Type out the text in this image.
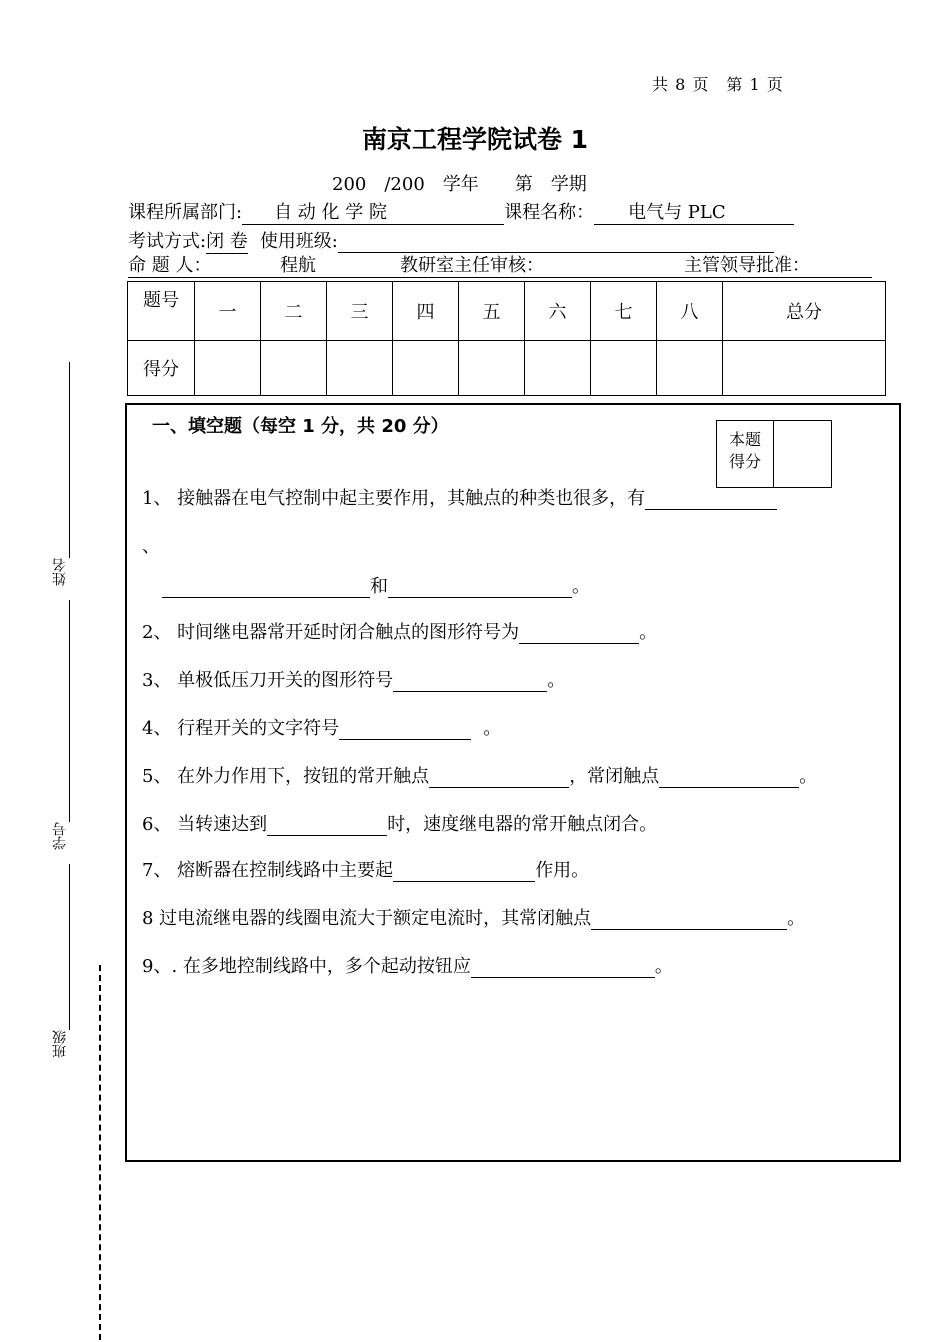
共 8 页　第 1 页
南京工程学院试卷 1
200　/200　学年　　第　学期
课程所属部门: 自 动 化 学 院	课程名称： 电气与 PLC
考试方式:闭 卷 使用班级:
命 题 人：	程航	教研室主任审核：	主管领导批准：
题号	一	二	三	四	五	六	七	八	总分
得分									
一、填空题（每空 1 分，共 20 分）
本题
得分
1、 接触器在电气控制中起主要作用，其触点的种类也很多，有
、
和	。
2、 时间继电器常开延时闭合触点的图形符号为	。
3、 单极低压刀开关的图形符号	。
4、 行程开关的文字符号	。
5、 在外力作用下，按钮的常开触点	，常闭触点	。
6、 当转速达到	时，速度继电器的常开触点闭合。
7、 熔断器在控制线路中主要起	作用。
8 过电流继电器的线圈电流大于额定电流时，其常闭触点	。
9、. 在多地控制线路中，多个起动按钮应	。
姓名
学号
班级
